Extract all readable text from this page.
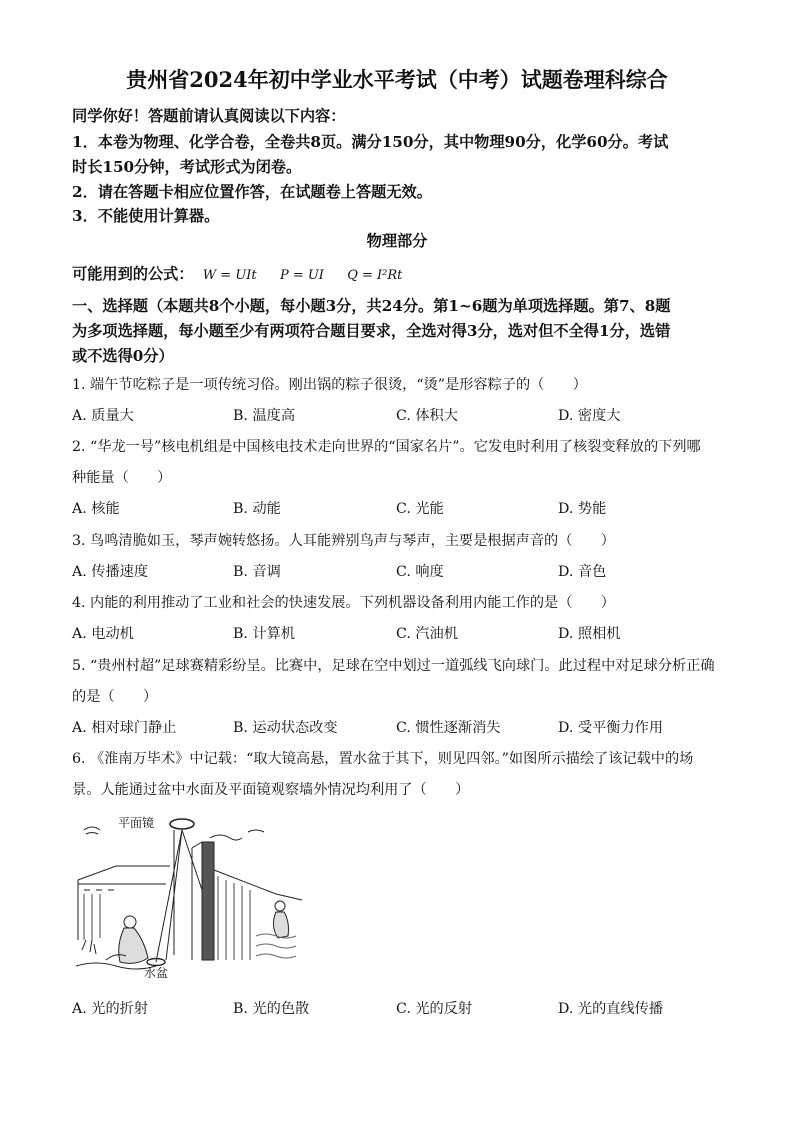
贵州省2024年初中学业水平考试（中考）试题卷理科综合
同学你好！答题前请认真阅读以下内容：
1．本卷为物理、化学合卷，全卷共8页。满分150分，其中物理90分，化学60分。考试
时长150分钟，考试形式为闭卷。
2．请在答题卡相应位置作答，在试题卷上答题无效。
3．不能使用计算器。
物理部分
可能用到的公式： W = UIt P = UI Q = I²Rt
一、选择题（本题共8个小题，每小题3分，共24分。第1~6题为单项选择题。第7、8题
为多项选择题，每小题至少有两项符合题目要求，全选对得3分，选对但不全得1分，选错
或不选得0分）
1. 端午节吃粽子是一项传统习俗。刚出锅的粽子很烫，“烫”是形容粽子的（　　）
A. 质量大	B. 温度高	C. 体积大	D. 密度大
2. “华龙一号”核电机组是中国核电技术走向世界的“国家名片”。它发电时利用了核裂变释放的下列哪
种能量（　　）
A. 核能	B. 动能	C. 光能	D. 势能
3. 鸟鸣清脆如玉，琴声婉转悠扬。人耳能辨别鸟声与琴声，主要是根据声音的（　　）
A. 传播速度	B. 音调	C. 响度	D. 音色
4. 内能的利用推动了工业和社会的快速发展。下列机器设备利用内能工作的是（　　）
A. 电动机	B. 计算机	C. 汽油机	D. 照相机
5. “贵州村超”足球赛精彩纷呈。比赛中，足球在空中划过一道弧线飞向球门。此过程中对足球分析正确
的是（　　）
A. 相对球门静止	B. 运动状态改变	C. 惯性逐渐消失	D. 受平衡力作用
6. 《淮南万毕术》中记载：“取大镜高悬，置水盆于其下，则见四邻。”如图所示描绘了该记载中的场
景。人能通过盆中水面及平面镜观察墙外情况均利用了（　　）
平面镜
水盆
A. 光的折射	B. 光的色散	C. 光的反射	D. 光的直线传播
